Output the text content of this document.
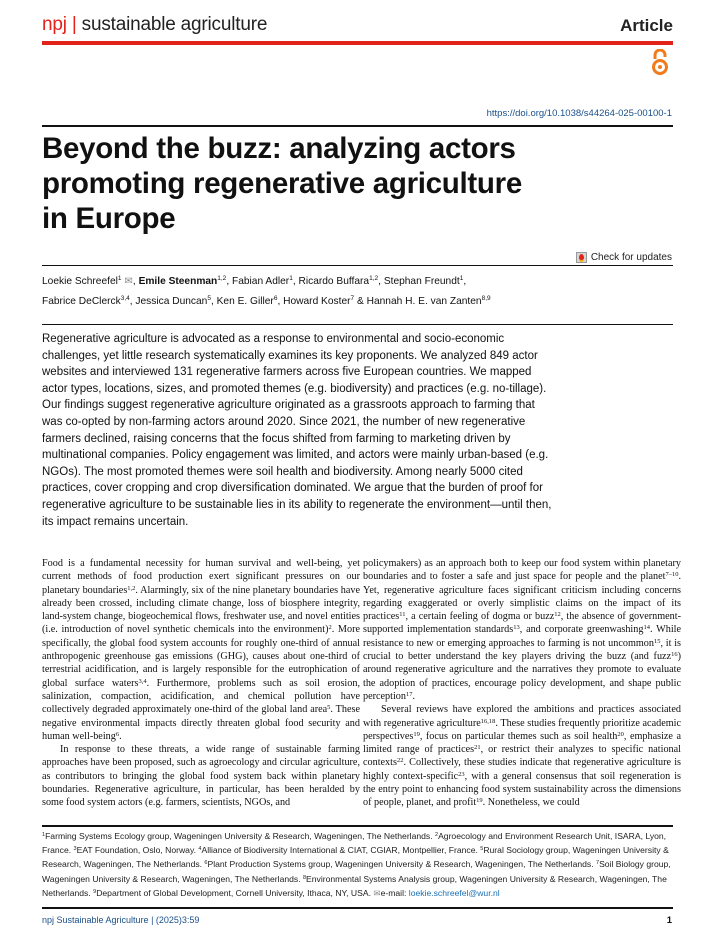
npj | sustainable agriculture	Article
https://doi.org/10.1038/s44264-025-00100-1
Beyond the buzz: analyzing actors
promoting regenerative agriculture
in Europe
Check for updates
Loekie Schreefel$^1$ ✉, Emile Steenman$^{1,2}$, Fabian Adler$^1$, Ricardo Buffara$^{1,2}$, Stephan Freundt$^1$,
Fabrice DeClerck$^{3,4}$, Jessica Duncan$^5$, Ken E. Giller$^6$, Howard Koster$^7$ & Hannah H. E. van Zanten$^{8,9}$
Regenerative agriculture is advocated as a response to environmental and socio-economic challenges, yet little research systematically examines its key proponents. We analyzed 849 actor websites and interviewed 131 regenerative farmers across five European countries. We mapped actor types, locations, sizes, and promoted themes (e.g. biodiversity) and practices (e.g. no-tillage). Our findings suggest regenerative agriculture originated as a grassroots approach to farming that was co-opted by non-farming actors around 2020. Since 2021, the number of new regenerative farmers declined, raising concerns that the focus shifted from farming to marketing driven by multinational companies. Policy engagement was limited, and actors were mainly urban-based (e.g. NGOs). The most promoted themes were soil health and biodiversity. Among nearly 5000 cited practices, cover cropping and crop diversification dominated. We argue that the burden of proof for regenerative agriculture to be sustainable lies in its ability to regenerate the environment—until then, its impact remains uncertain.

Food is a fundamental necessity for human survival and well-being, yet current methods of food production exert significant pressures on our planetary boundaries$^{1,2}$. Alarmingly, six of the nine planetary boundaries have already been crossed, including climate change, loss of biosphere integrity, land-system change, biogeochemical flows, freshwater use, and novel entities (i.e. introduction of novel synthetic chemicals into the environment)$^2$. More specifically, the global food system accounts for roughly one-third of annual anthropogenic greenhouse gas emissions (GHG), causes about one-third of terrestrial acidification, and is largely responsible for the eutrophication of global surface waters$^{3,4}$. Furthermore, problems such as soil erosion, salinization, compaction, acidification, and chemical pollution have collectively degraded approximately one-third of the global land area$^5$. These negative environmental impacts directly threaten global food security and human well-being$^6$.

In response to these threats, a wide range of sustainable farming approaches have been proposed, such as agroecology and circular agriculture, as contributors to bringing the global food system back within planetary boundaries. Regenerative agriculture, in particular, has been heralded by some food system actors (e.g. farmers, scientists, NGOs, and

policymakers) as an approach both to keep our food system within planetary boundaries and to foster a safe and just space for people and the planet$^{7-10}$. Yet, regenerative agriculture faces significant criticism including concerns regarding exaggerated or overly simplistic claims on the impact of its practices$^{11}$, a certain feeling of dogma or buzz$^{12}$, the absence of government-supported implementation standards$^{13}$, and corporate greenwashing$^{14}$. While resistance to new or emerging approaches to farming is not uncommon$^{15}$, it is crucial to better understand the key players driving the buzz (and fuzz$^{16}$) around regenerative agriculture and the narratives they promote to evaluate the adoption of practices, encourage policy development, and shape public perception$^{17}$.

Several reviews have explored the ambitions and practices associated with regenerative agriculture$^{16,18}$. These studies frequently prioritize academic perspectives$^{19}$, focus on particular themes such as soil health$^{20}$, emphasize a limited range of practices$^{21}$, or restrict their analyzes to specific national contexts$^{22}$. Collectively, these studies indicate that regenerative agriculture is highly context-specific$^{23}$, with a general consensus that soil regeneration is the entry point to enhancing food system sustainability across the dimensions of people, planet, and profit$^{19}$. Nonetheless, we could

$^1$Farming Systems Ecology group, Wageningen University & Research, Wageningen, The Netherlands. $^2$Agroecology and Environment Research Unit, ISARA, Lyon, France. $^3$EAT Foundation, Oslo, Norway. $^4$Alliance of Biodiversity International & CIAT, CGIAR, Montpellier, France. $^5$Rural Sociology group, Wageningen University & Research, Wageningen, The Netherlands. $^6$Plant Production Systems group, Wageningen University & Research, Wageningen, The Netherlands. $^7$Soil Biology group, Wageningen University & Research, Wageningen, The Netherlands. $^8$Environmental Systems Analysis group, Wageningen University & Research, Wageningen, The Netherlands. $^9$Department of Global Development, Cornell University, Ithaca, NY, USA. ✉e-mail: loekie.schreefel@wur.nl
npj Sustainable Agriculture | (2025)3:59	1
